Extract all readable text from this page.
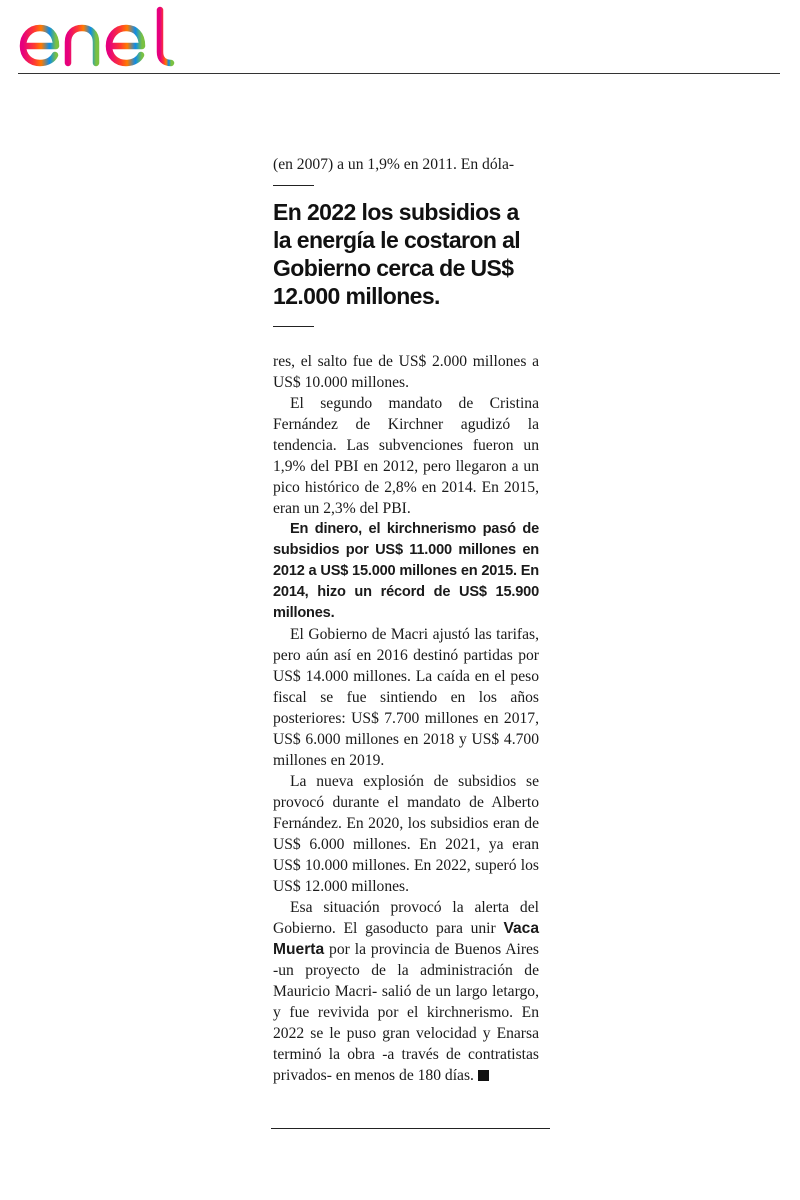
(en 2007) a un 1,9% en 2011. En dóla-

En 2022 los subsidios a la energía le costaron al Gobierno cerca de US$ 12.000 millones.

res, el salto fue de US$ 2.000 millones a US$ 10.000 millones.

El segundo mandato de Cristina Fernández de Kirchner agudizó la tendencia. Las subvenciones fueron un 1,9% del PBI en 2012, pero llegaron a un pico histórico de 2,8% en 2014. En 2015, eran un 2,3% del PBI.

En dinero, el kirchnerismo pasó de subsidios por US$ 11.000 millones en 2012 a US$ 15.000 millones en 2015. En 2014, hizo un récord de US$ 15.900 millones.

El Gobierno de Macri ajustó las tarifas, pero aún así en 2016 destinó partidas por US$ 14.000 millones. La caída en el peso fiscal se fue sintiendo en los años posteriores: US$ 7.700 millones en 2017, US$ 6.000 millones en 2018 y US$ 4.700 millones en 2019.

La nueva explosión de subsidios se provocó durante el mandato de Alberto Fernández. En 2020, los subsidios eran de US$ 6.000 millones. En 2021, ya eran US$ 10.000 millones. En 2022, superó los US$ 12.000 millones.

Esa situación provocó la alerta del Gobierno. El gasoducto para unir Vaca Muerta por la provincia de Buenos Aires -un proyecto de la administración de Mauricio Macri- salió de un largo letargo, y fue revivida por el kirchnerismo. En 2022 se le puso gran velocidad y Enarsa terminó la obra -a través de contratistas privados- en menos de 180 días.
